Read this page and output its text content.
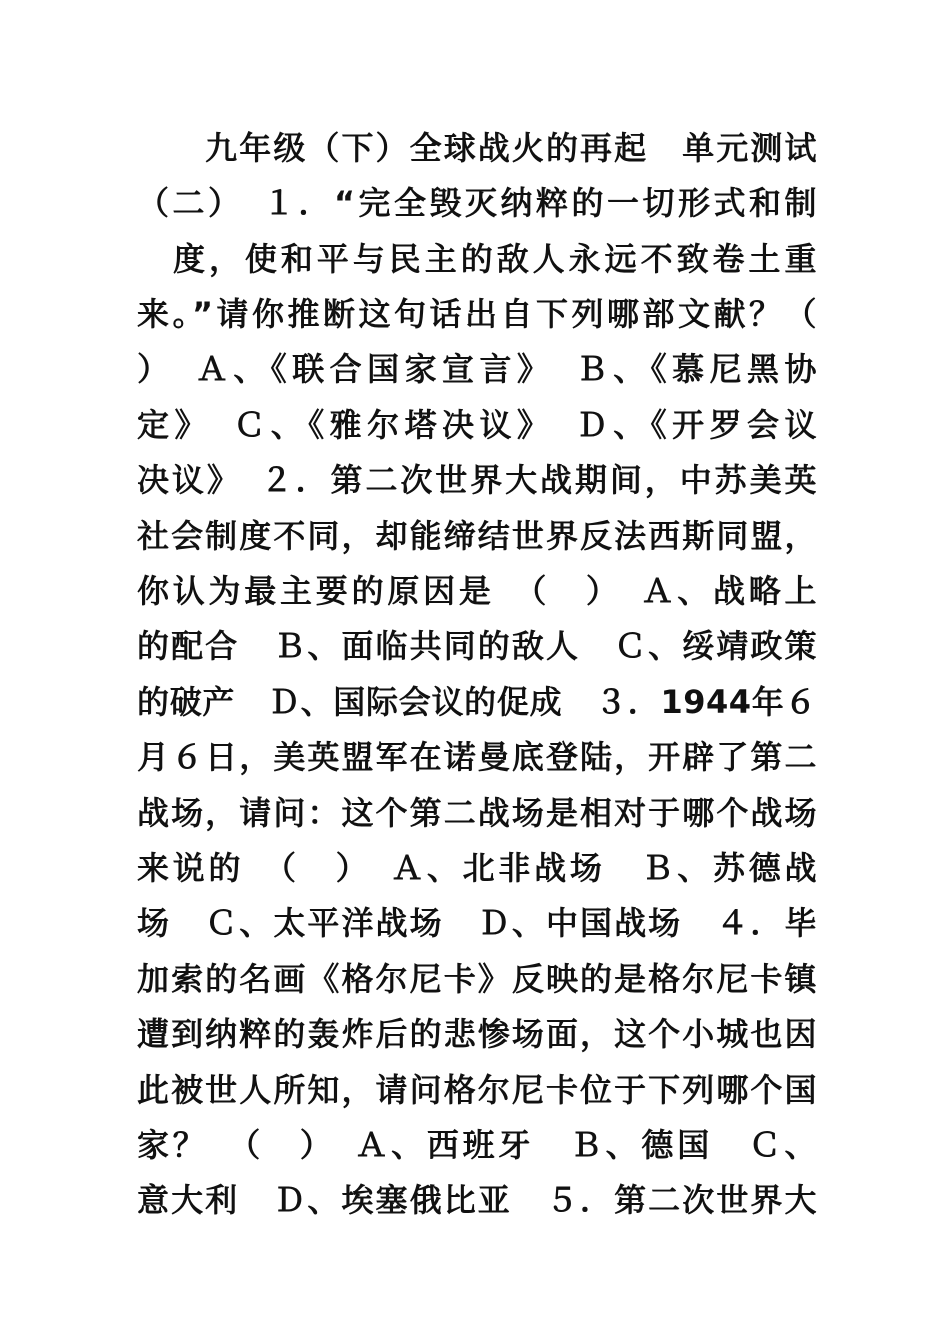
　　九年级（下）全球战火的再起　单元测试
（二）　１．“完全毁灭纳粹的一切形式和制
　度，使和平与民主的敌人永远不致卷土重
来。”请你推断这句话出自下列哪部文献？（
）　Ａ、《联合国家宣言》　Ｂ、《慕尼黑协
定》　Ｃ、《雅尔塔决议》　Ｄ、《开罗会议
决议》　２．第二次世界大战期间，中苏美英
社会制度不同，却能缔结世界反法西斯同盟，
你认为最主要的原因是　（　）　Ａ、战略上
的配合　Ｂ、面临共同的敌人　Ｃ、绥靖政策
的破产　Ｄ、国际会议的促成　３．1944年６
月６日，美英盟军在诺曼底登陆，开辟了第二
战场，请问：这个第二战场是相对于哪个战场
来说的　（　）　Ａ、北非战场　Ｂ、苏德战
场　Ｃ、太平洋战场　Ｄ、中国战场　４．毕
加索的名画《格尔尼卡》反映的是格尔尼卡镇
遭到纳粹的轰炸后的悲惨场面，这个小城也因
此被世人所知，请问格尔尼卡位于下列哪个国
家？　（　）　Ａ、西班牙　Ｂ、德国　Ｃ、
意大利　Ｄ、埃塞俄比亚　５．第二次世界大
